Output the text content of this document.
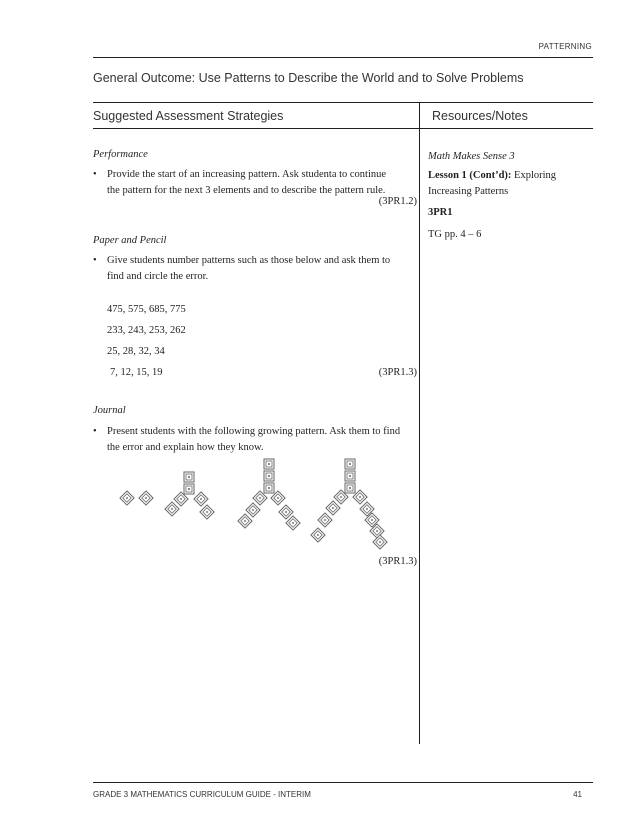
PATTERNING
General Outcome: Use Patterns to Describe the World and to Solve Problems
Suggested Assessment Strategies	Resources/Notes
Performance
• Provide the start of an increasing pattern. Ask studenta to continue the pattern for the next 3 elements and to describe the pattern rule.
(3PR1.2)
Paper and Pencil
• Give students number patterns such as those below and ask them to find and circle the error.
475, 575, 685, 775
233, 243, 253, 262
25, 28, 32, 34
7, 12, 15, 19	(3PR1.3)
Journal
• Present students with the following growing pattern. Ask them to find the error and explain how they know.
(3PR1.3)
Math Makes Sense 3
Lesson 1 (Cont’d): Exploring Increasing Patterns
3PR1
TG pp. 4 – 6
GRADE 3 MATHEMATICS CURRICULUM GUIDE - INTERIM	41
